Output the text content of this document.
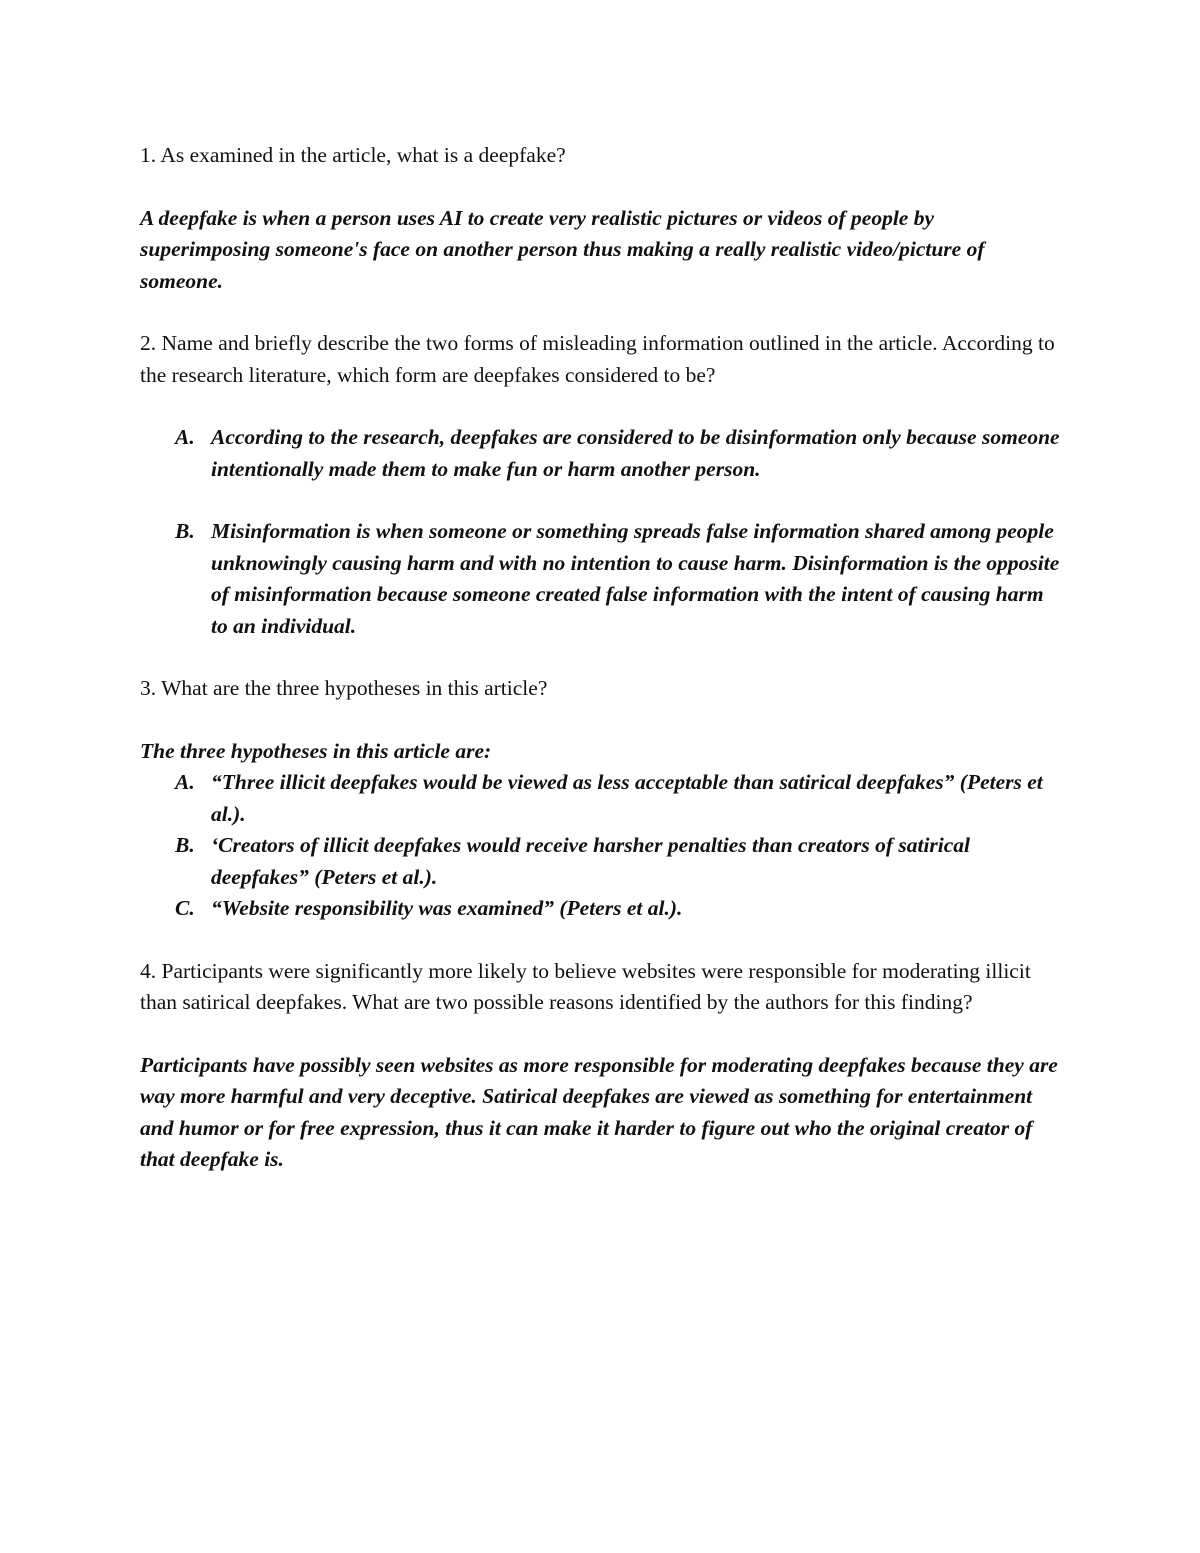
1. As examined in the article, what is a deepfake?

A deepfake is when a person uses AI to create very realistic pictures or videos of people by superimposing someone's face on another person thus making a really realistic video/picture of someone.

2. Name and briefly describe the two forms of misleading information outlined in the article. According to the research literature, which form are deepfakes considered to be?

A. According to the research, deepfakes are considered to be disinformation only because someone intentionally made them to make fun or harm another person.
B. Misinformation is when someone or something spreads false information shared among people unknowingly causing harm and with no intention to cause harm. Disinformation is the opposite of misinformation because someone created false information with the intent of causing harm to an individual.

3. What are the three hypotheses in this article?

The three hypotheses in this article are:

A. “Three illicit deepfakes would be viewed as less acceptable than satirical deepfakes” (Peters et al.).
B. ‘Creators of illicit deepfakes would receive harsher penalties than creators of satirical deepfakes” (Peters et al.).
C. “Website responsibility was examined” (Peters et al.).

4. Participants were significantly more likely to believe websites were responsible for moderating illicit than satirical deepfakes. What are two possible reasons identified by the authors for this finding?

Participants have possibly seen websites as more responsible for moderating deepfakes because they are way more harmful and very deceptive. Satirical deepfakes are viewed as something for entertainment and humor or for free expression, thus it can make it harder to figure out who the original creator of that deepfake is.
